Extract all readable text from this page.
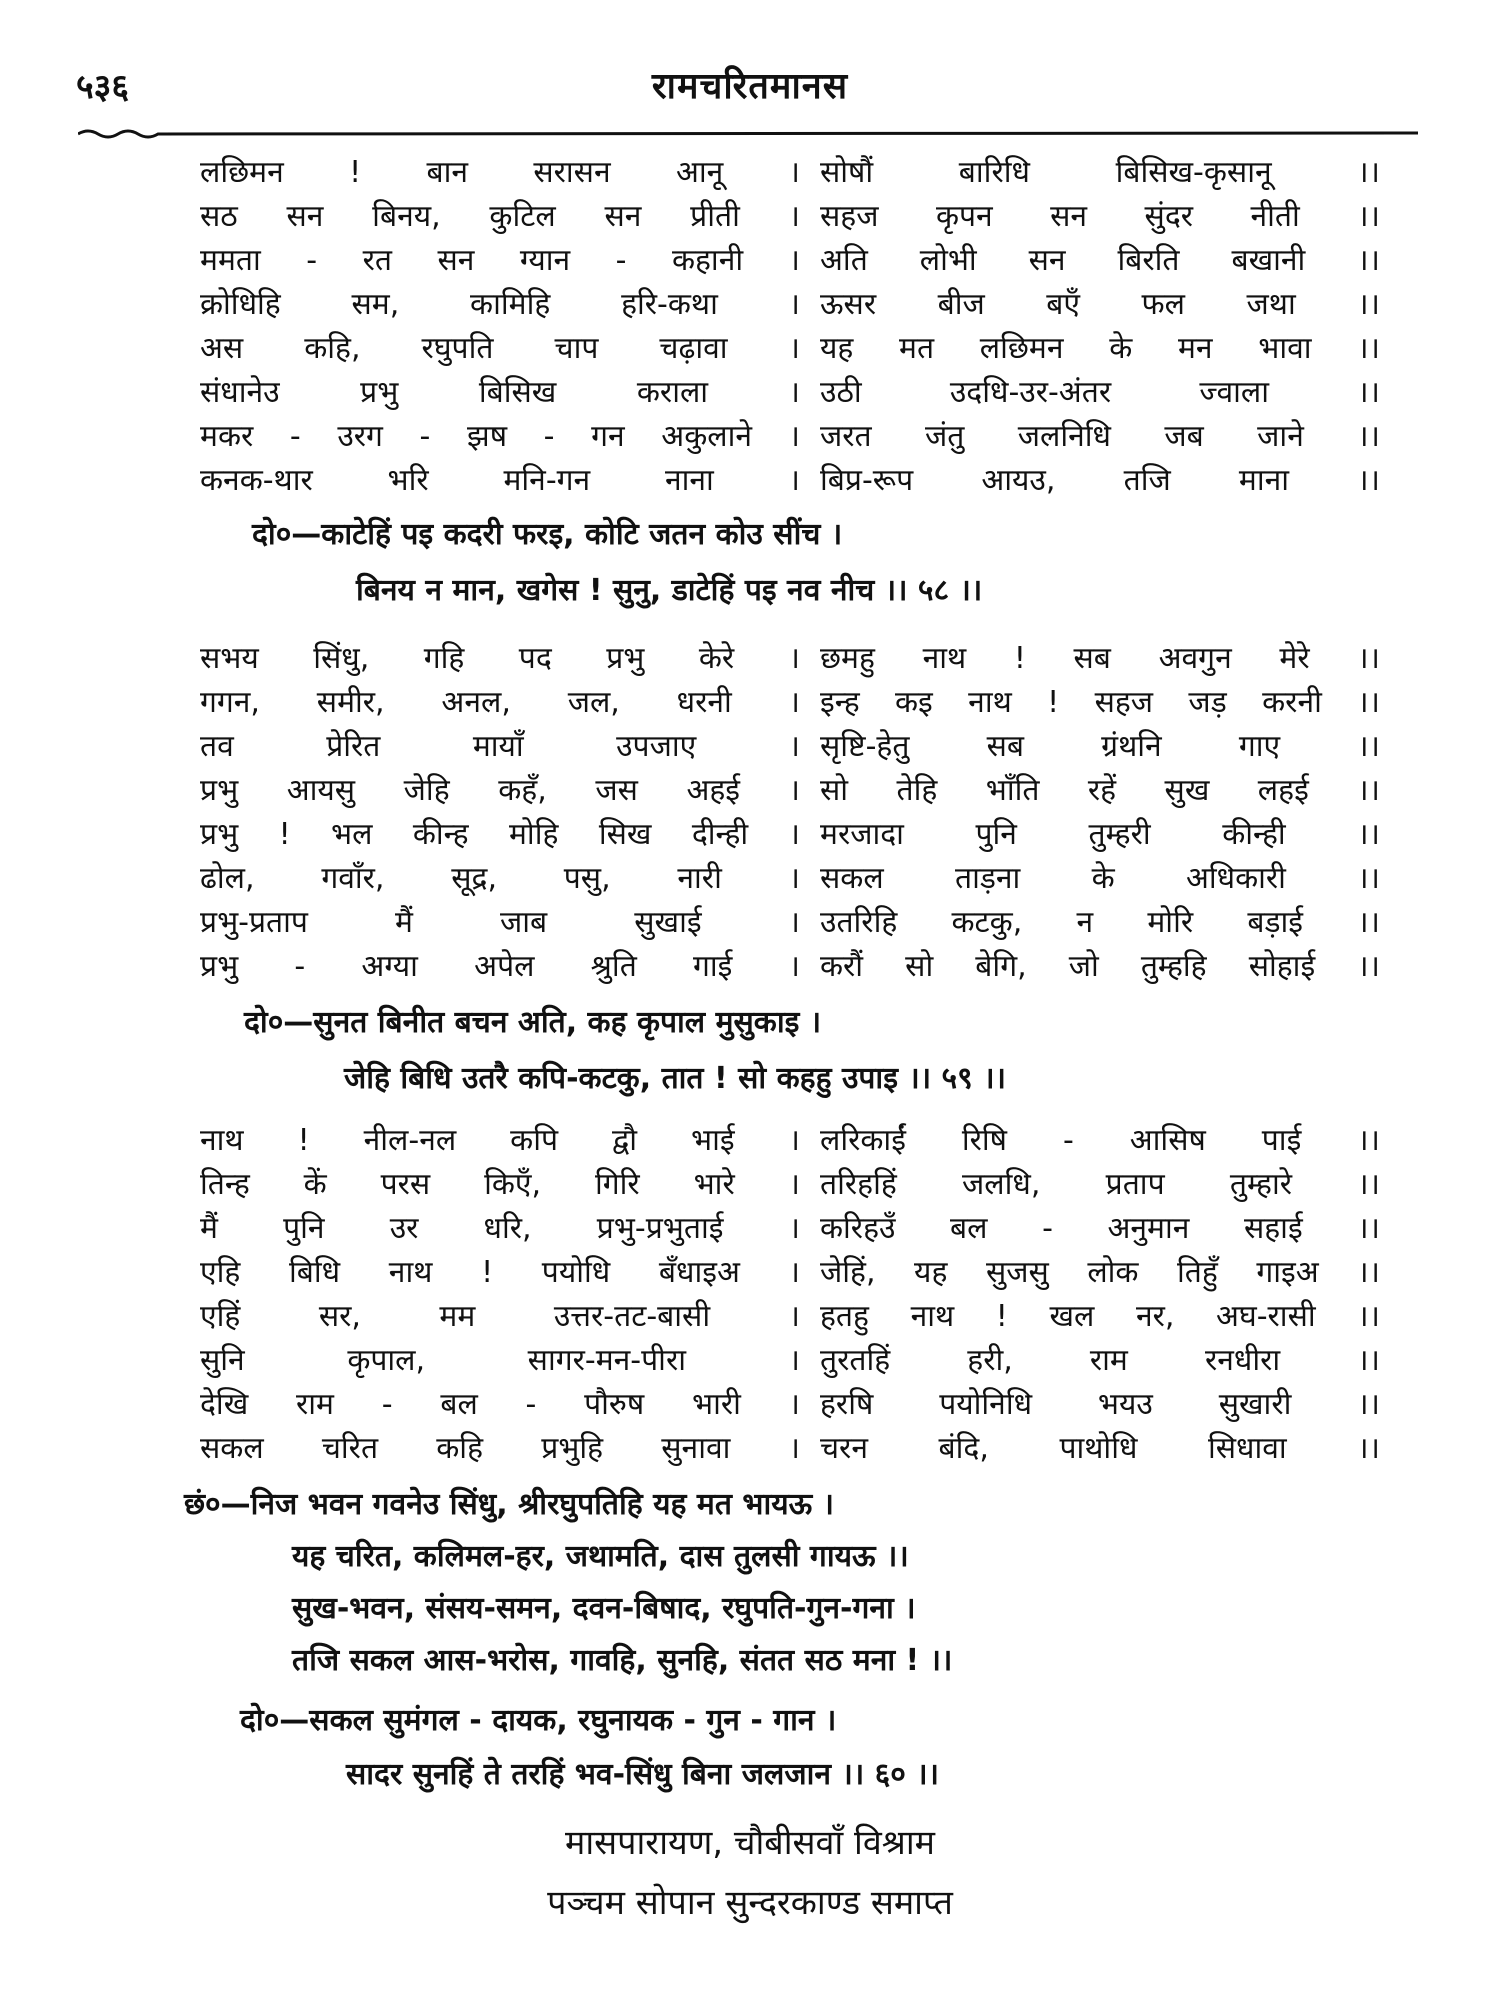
५३६	रामचरितमानस
लछिमन ! बान सरासन आनू । सोषौं बारिधि बिसिख-कृसानू ।।
सठ सन बिनय, कुटिल सन प्रीती । सहज कृपन सन सुंदर नीती ।।
ममता - रत सन ग्यान - कहानी । अति लोभी सन बिरति बखानी ।।
क्रोधिहि सम, कामिहि हरि-कथा । ऊसर बीज बएँ फल जथा ।।
अस कहि, रघुपति चाप चढ़ावा । यह मत लछिमन के मन भावा ।।
संधानेउ प्रभु बिसिख कराला । उठी उदधि-उर-अंतर ज्वाला ।।
मकर - उरग - झष - गन अकुलाने । जरत जंतु जलनिधि जब जाने ।।
कनक-थार भरि मनि-गन नाना । बिप्र-रूप आयउ, तजि माना ।।
दो०—काटेहिं पइ कदरी फरइ, कोटि जतन कोउ सींच ।
बिनय न मान, खगेस ! सुनु, डाटेहिं पइ नव नीच ।। ५८ ।।
सभय सिंधु, गहि पद प्रभु केरे । छमहु नाथ ! सब अवगुन मेरे ।।
गगन, समीर, अनल, जल, धरनी । इन्ह कइ नाथ ! सहज जड़ करनी ।।
तव प्रेरित मायाँ उपजाए । सृष्टि-हेतु सब ग्रंथनि गाए ।।
प्रभु आयसु जेहि कहँ, जस अहई । सो तेहि भाँति रहें सुख लहई ।।
प्रभु ! भल कीन्ह मोहि सिख दीन्ही । मरजादा पुनि तुम्हरी कीन्ही ।।
ढोल, गवाँर, सूद्र, पसु, नारी । सकल ताड़ना के अधिकारी ।।
प्रभु-प्रताप मैं जाब सुखाई । उतरिहि कटकु, न मोरि बड़ाई ।।
प्रभु - अग्या अपेल श्रुति गाई । करौं सो बेगि, जो तुम्हहि सोहाई ।।
दो०—सुनत बिनीत बचन अति, कह कृपाल मुसुकाइ ।
जेहि बिधि उतरै कपि-कटकु, तात ! सो कहहु उपाइ ।। ५९ ।।
नाथ ! नील-नल कपि द्वौ भाई । लरिकाईं रिषि - आसिष पाई ।।
तिन्ह कें परस किएँ, गिरि भारे । तरिहहिं जलधि, प्रताप तुम्हारे ।।
मैं पुनि उर धरि, प्रभु-प्रभुताई । करिहउँ बल - अनुमान सहाई ।।
एहि बिधि नाथ ! पयोधि बँधाइअ । जेहिं, यह सुजसु लोक तिहुँ गाइअ ।।
एहिं सर, मम उत्तर-तट-बासी । हतहु नाथ ! खल नर, अघ-रासी ।।
सुनि कृपाल, सागर-मन-पीरा । तुरतहिं हरी, राम रनधीरा ।।
देखि राम - बल - पौरुष भारी । हरषि पयोनिधि भयउ सुखारी ।।
सकल चरित कहि प्रभुहि सुनावा । चरन बंदि, पाथोधि सिधावा ।।
छं०—निज भवन गवनेउ सिंधु, श्रीरघुपतिहि यह मत भायऊ ।
यह चरित, कलिमल-हर, जथामति, दास तुलसी गायऊ ।।
सुख-भवन, संसय-समन, दवन-बिषाद, रघुपति-गुन-गना ।
तजि सकल आस-भरोस, गावहि, सुनहि, संतत सठ मना ! ।।
दो०—सकल सुमंगल - दायक, रघुनायक - गुन - गान ।
सादर सुनहिं ते तरहिं भव-सिंधु बिना जलजान ।। ६० ।।
मासपारायण, चौबीसवाँ विश्राम
पञ्चम सोपान सुन्दरकाण्ड समाप्त
